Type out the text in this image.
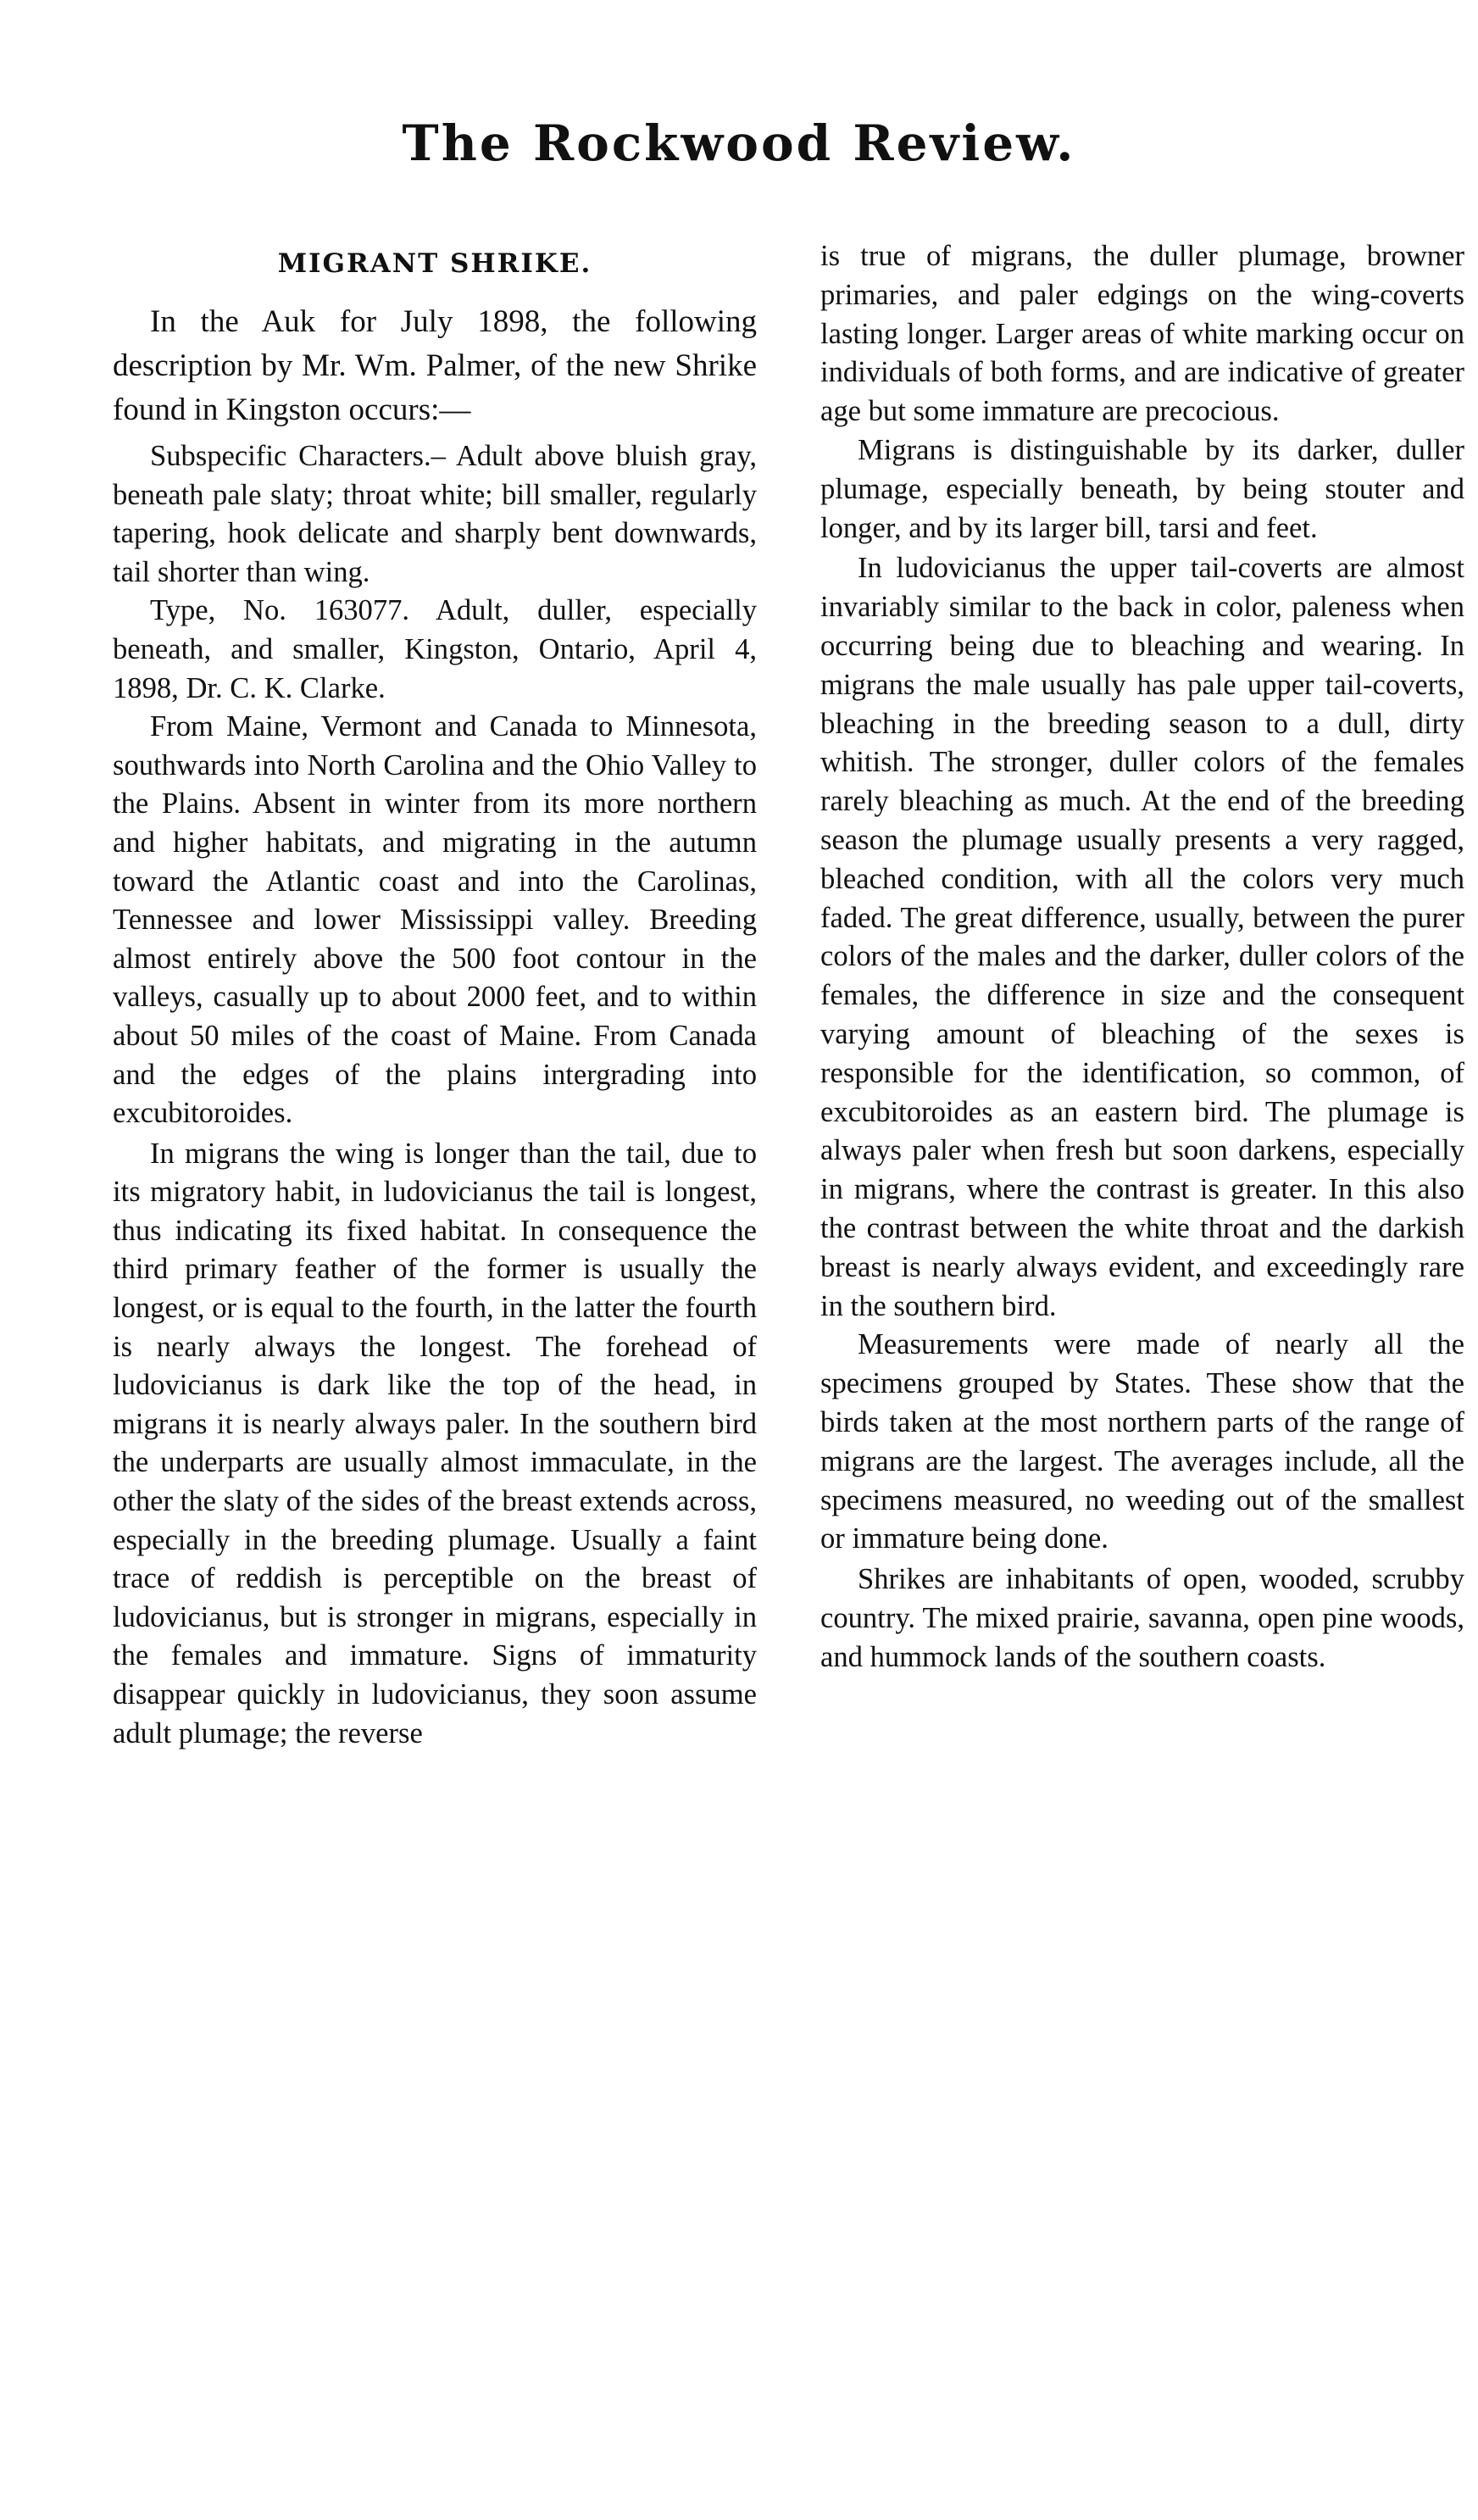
The Rockwood Review.
MIGRANT SHRIKE.

In the Auk for July 1898, the following description by Mr. Wm. Palmer, of the new Shrike found in Kingston occurs:—

Subspecific Characters.– Adult above bluish gray, beneath pale slaty; throat white; bill smaller, regularly tapering, hook delicate and sharply bent downwards, tail shorter than wing.

Type, No. 163077. Adult, duller, especially beneath, and smaller, Kingston, Ontario, April 4, 1898, Dr. C. K. Clarke.

From Maine, Vermont and Canada to Minnesota, southwards into North Carolina and the Ohio Valley to the Plains. Absent in winter from its more northern and higher habitats, and migrating in the autumn toward the Atlantic coast and into the Carolinas, Tennessee and lower Mississippi valley. Breeding almost entirely above the 500 foot contour in the valleys, casually up to about 2000 feet, and to within about 50 miles of the coast of Maine. From Canada and the edges of the plains intergrading into excubitoroides.

In migrans the wing is longer than the tail, due to its migratory habit, in ludovicianus the tail is longest, thus indicating its fixed habitat. In consequence the third primary feather of the former is usually the longest, or is equal to the fourth, in the latter the fourth is nearly always the longest. The forehead of ludovicianus is dark like the top of the head, in migrans it is nearly always paler. In the southern bird the underparts are usually almost immaculate, in the other the slaty of the sides of the breast extends across, especially in the breeding plumage. Usually a faint trace of reddish is perceptible on the breast of ludovicianus, but is stronger in migrans, especially in the females and immature. Signs of immaturity disappear quickly in ludovicianus, they soon assume adult plumage; the reverse

is true of migrans, the duller plumage, browner primaries, and paler edgings on the wing-coverts lasting longer. Larger areas of white marking occur on individuals of both forms, and are indicative of greater age but some immature are precocious.

Migrans is distinguishable by its darker, duller plumage, especially beneath, by being stouter and longer, and by its larger bill, tarsi and feet.

In ludovicianus the upper tail-coverts are almost invariably similar to the back in color, paleness when occurring being due to bleaching and wearing. In migrans the male usually has pale upper tail-coverts, bleaching in the breeding season to a dull, dirty whitish. The stronger, duller colors of the females rarely bleaching as much. At the end of the breeding season the plumage usually presents a very ragged, bleached condition, with all the colors very much faded. The great difference, usually, between the purer colors of the males and the darker, duller colors of the females, the difference in size and the consequent varying amount of bleaching of the sexes is responsible for the identification, so common, of excubitoroides as an eastern bird. The plumage is always paler when fresh but soon darkens, especially in migrans, where the contrast is greater. In this also the contrast between the white throat and the darkish breast is nearly always evident, and exceedingly rare in the southern bird.

Measurements were made of nearly all the specimens grouped by States. These show that the birds taken at the most northern parts of the range of migrans are the largest. The averages include, all the specimens measured, no weeding out of the smallest or immature being done.

Shrikes are inhabitants of open, wooded, scrubby country. The mixed prairie, savanna, open pine woods, and hummock lands of the southern coasts.
